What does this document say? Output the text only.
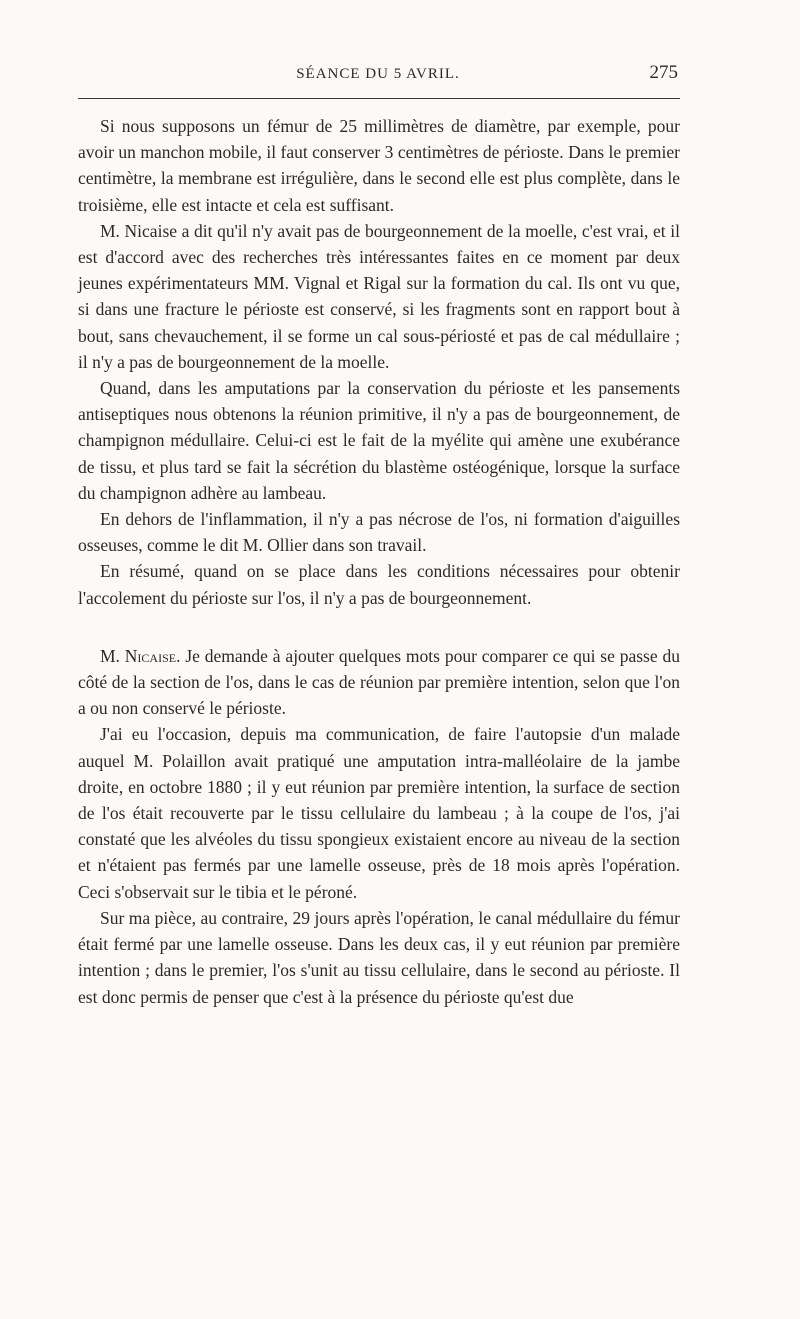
SÉANCE DU 5 AVRIL.	275

Si nous supposons un fémur de 25 millimètres de diamètre, par exemple, pour avoir un manchon mobile, il faut conserver 3 centimètres de périoste. Dans le premier centimètre, la membrane est irrégulière, dans le second elle est plus complète, dans le troisième, elle est intacte et cela est suffisant.

M. Nicaise a dit qu'il n'y avait pas de bourgeonnement de la moelle, c'est vrai, et il est d'accord avec des recherches très intéressantes faites en ce moment par deux jeunes expérimentateurs MM. Vignal et Rigal sur la formation du cal. Ils ont vu que, si dans une fracture le périoste est conservé, si les fragments sont en rapport bout à bout, sans chevauchement, il se forme un cal sous-périosté et pas de cal médullaire ; il n'y a pas de bourgeonnement de la moelle.

Quand, dans les amputations par la conservation du périoste et les pansements antiseptiques nous obtenons la réunion primitive, il n'y a pas de bourgeonnement, de champignon médullaire. Celui-ci est le fait de la myélite qui amène une exubérance de tissu, et plus tard se fait la sécrétion du blastème ostéogénique, lorsque la surface du champignon adhère au lambeau.

En dehors de l'inflammation, il n'y a pas nécrose de l'os, ni formation d'aiguilles osseuses, comme le dit M. Ollier dans son travail.

En résumé, quand on se place dans les conditions nécessaires pour obtenir l'accolement du périoste sur l'os, il n'y a pas de bourgeonnement.

M. Nicaise. Je demande à ajouter quelques mots pour comparer ce qui se passe du côté de la section de l'os, dans le cas de réunion par première intention, selon que l'on a ou non conservé le périoste.

J'ai eu l'occasion, depuis ma communication, de faire l'autopsie d'un malade auquel M. Polaillon avait pratiqué une amputation intra-malléolaire de la jambe droite, en octobre 1880 ; il y eut réunion par première intention, la surface de section de l'os était recouverte par le tissu cellulaire du lambeau ; à la coupe de l'os, j'ai constaté que les alvéoles du tissu spongieux existaient encore au niveau de la section et n'étaient pas fermés par une lamelle osseuse, près de 18 mois après l'opération. Ceci s'observait sur le tibia et le péroné.

Sur ma pièce, au contraire, 29 jours après l'opération, le canal médullaire du fémur était fermé par une lamelle osseuse. Dans les deux cas, il y eut réunion par première intention ; dans le premier, l'os s'unit au tissu cellulaire, dans le second au périoste. Il est donc permis de penser que c'est à la présence du périoste qu'est due
